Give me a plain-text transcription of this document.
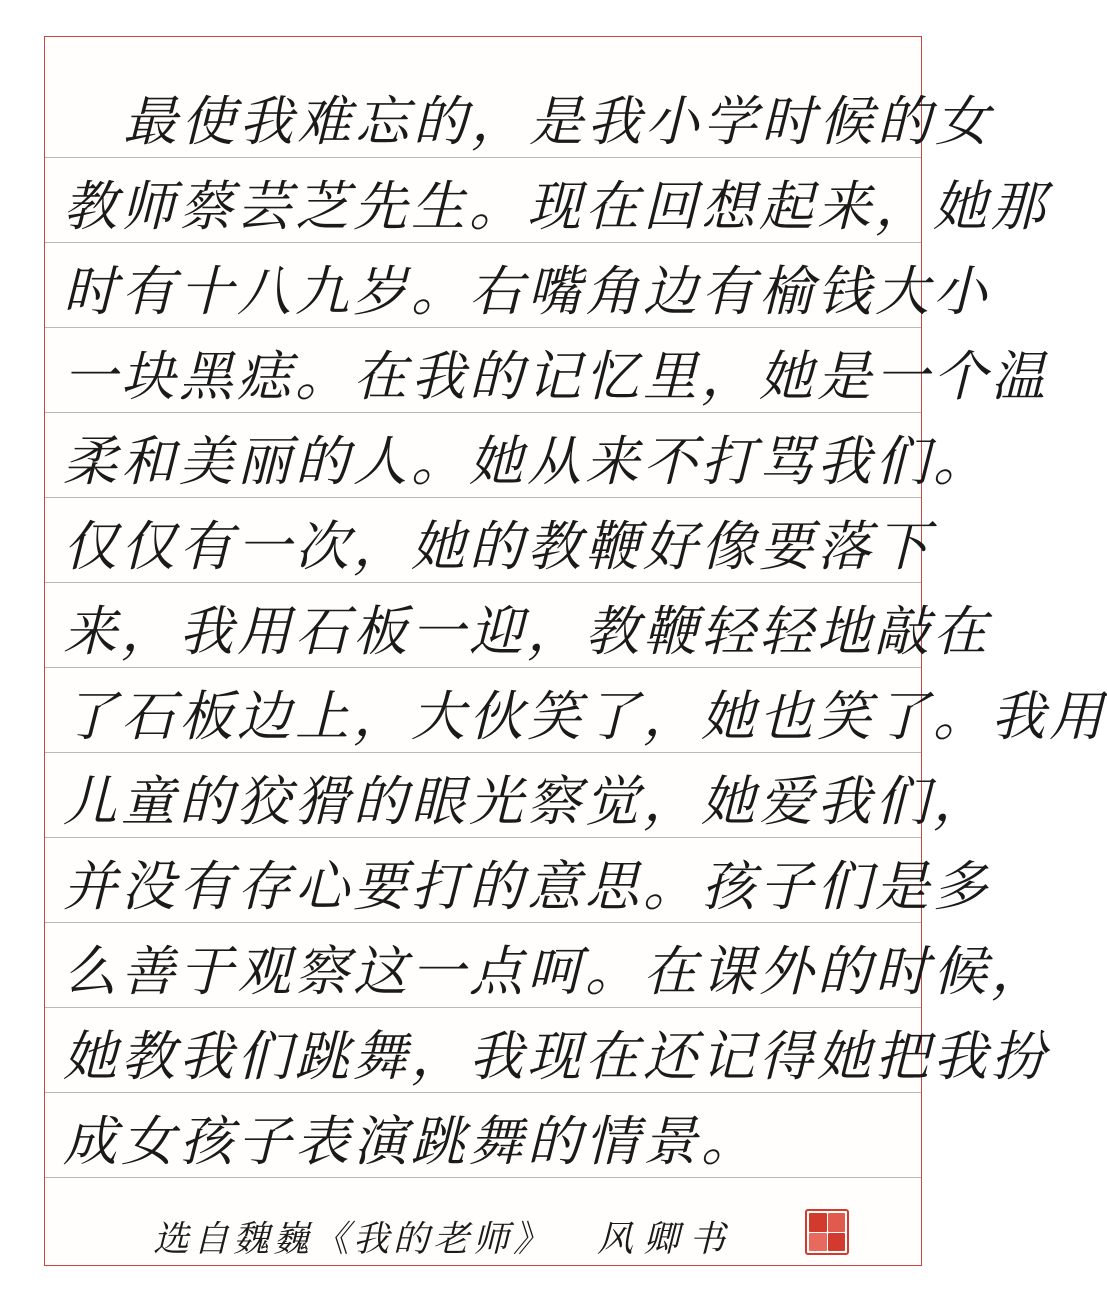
最使我难忘的，是我小学时候的女
教师蔡芸芝先生。现在回想起来，她那
时有十八九岁。右嘴角边有榆钱大小
一块黑痣。在我的记忆里，她是一个温
柔和美丽的人。她从来不打骂我们。
仅仅有一次，她的教鞭好像要落下
来，我用石板一迎，教鞭轻轻地敲在
了石板边上，大伙笑了，她也笑了。我用
儿童的狡猾的眼光察觉，她爱我们，
并没有存心要打的意思。孩子们是多
么善于观察这一点呵。在课外的时候，
她教我们跳舞，我现在还记得她把我扮
成女孩子表演跳舞的情景。
选自魏巍《我的老师》 风卿书
